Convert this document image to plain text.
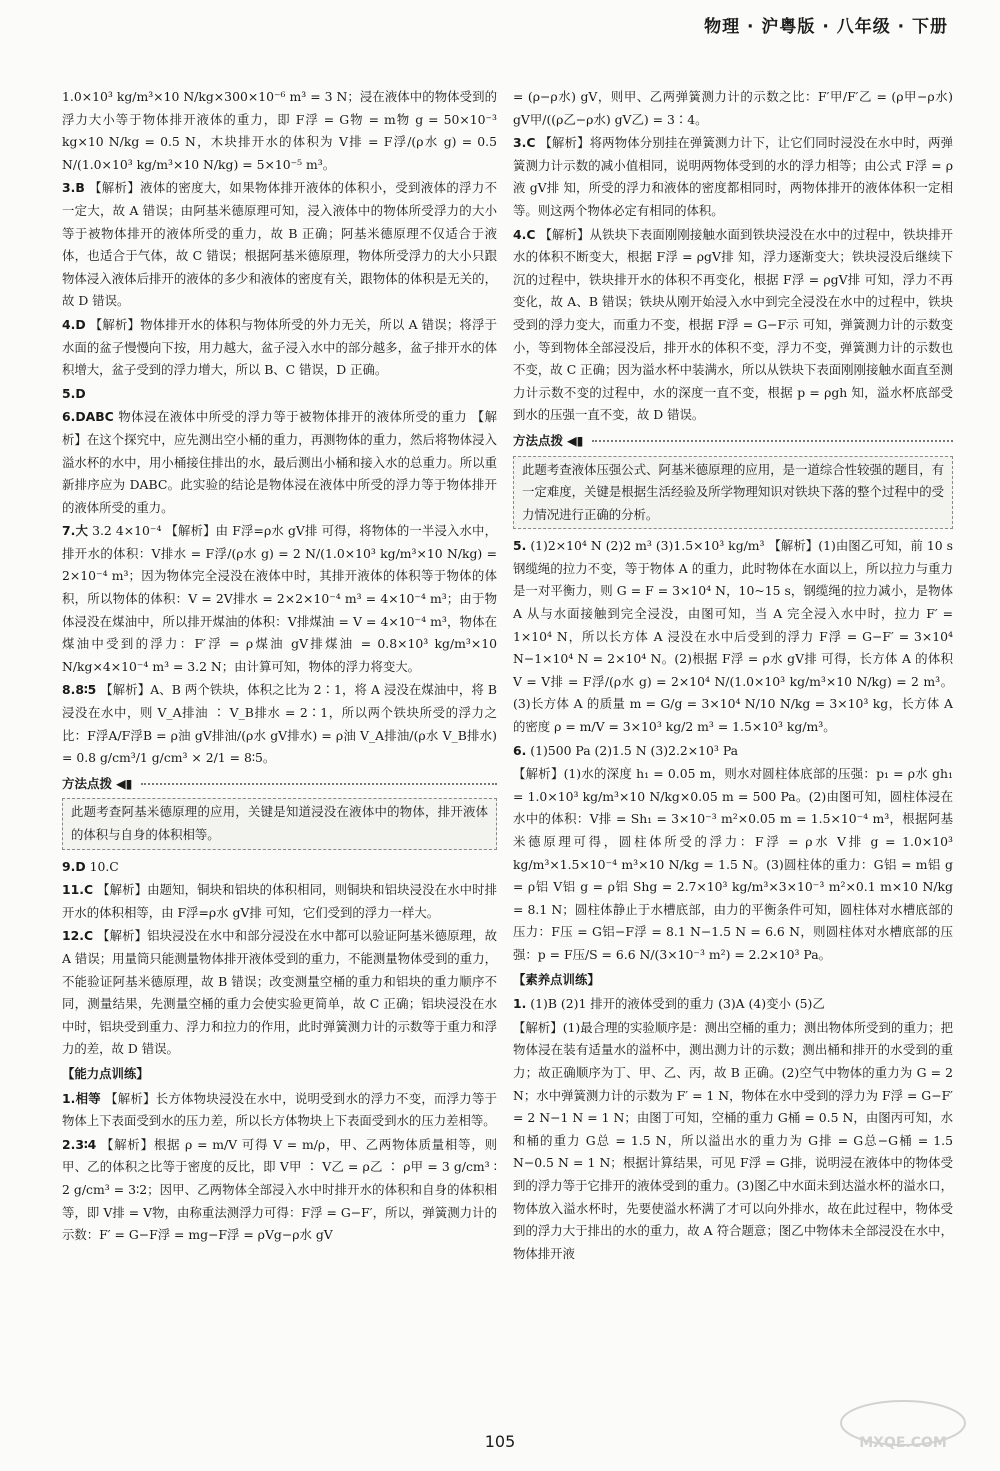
物理 · 沪粤版 · 八年级 · 下册

1.0×10³ kg/m³×10 N/kg×300×10⁻⁶ m³ = 3 N；浸在液体中的物体受到的浮力大小等于物体排开液体的重力，即 F浮 = G物 = m物 g = 50×10⁻³ kg×10 N/kg = 0.5 N，木块排开水的体积为 V排 = F浮/(ρ水 g) = 0.5 N/(1.0×10³ kg/m³×10 N/kg) = 5×10⁻⁵ m³。

3.B 【解析】液体的密度大，如果物体排开液体的体积小，受到液体的浮力不一定大，故 A 错误；由阿基米德原理可知，浸入液体中的物体所受浮力的大小等于被物体排开的液体所受的重力，故 B 正确；阿基米德原理不仅适合于液体，也适合于气体，故 C 错误；根据阿基米德原理，物体所受浮力的大小只跟物体浸入液体后排开的液体的多少和液体的密度有关，跟物体的体积是无关的，故 D 错误。

4.D 【解析】物体排开水的体积与物体所受的外力无关，所以 A 错误；将浮于水面的盆子慢慢向下按，用力越大，盆子浸入水中的部分越多，盆子排开水的体积增大，盆子受到的浮力增大，所以 B、C 错误，D 正确。

5.D

6.DABC 物体浸在液体中所受的浮力等于被物体排开的液体所受的重力 【解析】在这个探究中，应先测出空小桶的重力，再测物体的重力，然后将物体浸入溢水杯的水中，用小桶接住排出的水，最后测出小桶和接入水的总重力。所以重新排序应为 DABC。此实验的结论是物体浸在液体中所受的浮力等于物体排开的液体所受的重力。

7.大 3.2 4×10⁻⁴ 【解析】由 F浮=ρ水 gV排 可得，将物体的一半浸入水中，排开水的体积：V排水 = F浮/(ρ水 g) = 2 N/(1.0×10³ kg/m³×10 N/kg) = 2×10⁻⁴ m³；因为物体完全浸没在液体中时，其排开液体的体积等于物体的体积，所以物体的体积：V = 2V排水 = 2×2×10⁻⁴ m³ = 4×10⁻⁴ m³；由于物体浸没在煤油中，所以排开煤油的体积：V排煤油 = V = 4×10⁻⁴ m³，物体在煤油中受到的浮力：F′浮 = ρ煤油 gV排煤油 = 0.8×10³ kg/m³×10 N/kg×4×10⁻⁴ m³ = 3.2 N；由计算可知，物体的浮力将变大。

8.8∶5 【解析】A、B 两个铁块，体积之比为 2∶1，将 A 浸没在煤油中，将 B 浸没在水中，则 V_A排油 ∶ V_B排水 = 2∶1，所以两个铁块所受的浮力之比：F浮A/F浮B = ρ油 gV排油/(ρ水 gV排水) = ρ油 V_A排油/(ρ水 V_B排水) = 0.8 g/cm³/1 g/cm³ × 2/1 = 8∶5。

方法点拨 ◀▮
此题考查阿基米德原理的应用，关键是知道浸没在液体中的物体，排开液体的体积与自身的体积相等。

9.D 10.C

11.C 【解析】由题知，铜块和铝块的体积相同，则铜块和铝块浸没在水中时排开水的体积相等，由 F浮=ρ水 gV排 可知，它们受到的浮力一样大。

12.C 【解析】铝块浸没在水中和部分浸没在水中都可以验证阿基米德原理，故 A 错误；用量筒只能测量物体排开液体受到的重力，不能测量物体受到的重力，不能验证阿基米德原理，故 B 错误；改变测量空桶的重力和铝块的重力顺序不同，测量结果，先测量空桶的重力会使实验更简单，故 C 正确；铝块浸没在水中时，铝块受到重力、浮力和拉力的作用，此时弹簧测力计的示数等于重力和浮力的差，故 D 错误。

【能力点训练】

1.相等 【解析】长方体物块浸没在水中，说明受到水的浮力不变，而浮力等于物体上下表面受到水的压力差，所以长方体物块上下表面受到水的压力差相等。

2.3∶4 【解析】根据 ρ = m/V 可得 V = m/ρ，甲、乙两物体质量相等，则甲、乙的体积之比等于密度的反比，即 V甲 ∶ V乙 = ρ乙 ∶ ρ甲 = 3 g/cm³ ∶ 2 g/cm³ = 3∶2；因甲、乙两物体全部浸入水中时排开水的体积和自身的体积相等，即 V排 = V物，由称重法测浮力可得：F浮 = G−F′，所以，弹簧测力计的示数：F′ = G−F浮 = mg−F浮 = ρVg−ρ水 gV

= (ρ−ρ水) gV，则甲、乙两弹簧测力计的示数之比：F′甲/F′乙 = (ρ甲−ρ水) gV甲/((ρ乙−ρ水) gV乙) = 3∶4。

3.C 【解析】将两物体分别挂在弹簧测力计下，让它们同时浸没在水中时，两弹簧测力计示数的减小值相同，说明两物体受到的水的浮力相等；由公式 F浮 = ρ液 gV排 知，所受的浮力和液体的密度都相同时，两物体排开的液体体积一定相等。则这两个物体必定有相同的体积。

4.C 【解析】从铁块下表面刚刚接触水面到铁块浸没在水中的过程中，铁块排开水的体积不断变大，根据 F浮 = ρgV排 知，浮力逐渐变大；铁块浸没后继续下沉的过程中，铁块排开水的体积不再变化，根据 F浮 = ρgV排 可知，浮力不再变化，故 A、B 错误；铁块从刚开始浸入水中到完全浸没在水中的过程中，铁块受到的浮力变大，而重力不变，根据 F浮 = G−F示 可知，弹簧测力计的示数变小，等到物体全部浸没后，排开水的体积不变，浮力不变，弹簧测力计的示数也不变，故 C 正确；因为溢水杯中装满水，所以从铁块下表面刚刚接触水面直至测力计示数不变的过程中，水的深度一直不变，根据 p = ρgh 知，溢水杯底部受到水的压强一直不变，故 D 错误。

方法点拨 ◀▮
此题考查液体压强公式、阿基米德原理的应用，是一道综合性较强的题目，有一定难度，关键是根据生活经验及所学物理知识对铁块下落的整个过程中的受力情况进行正确的分析。

5. (1)2×10⁴ N (2)2 m³ (3)1.5×10³ kg/m³ 【解析】(1)由图乙可知，前 10 s 钢缆绳的拉力不变，等于物体 A 的重力，此时物体在水面以上，所以拉力与重力是一对平衡力，则 G = F = 3×10⁴ N，10~15 s，钢缆绳的拉力减小，是物体 A 从与水面接触到完全浸没，由图可知，当 A 完全浸入水中时，拉力 F′ = 1×10⁴ N，所以长方体 A 浸没在水中后受到的浮力 F浮 = G−F′ = 3×10⁴ N−1×10⁴ N = 2×10⁴ N。(2)根据 F浮 = ρ水 gV排 可得，长方体 A 的体积 V = V排 = F浮/(ρ水 g) = 2×10⁴ N/(1.0×10³ kg/m³×10 N/kg) = 2 m³。(3)长方体 A 的质量 m = G/g = 3×10⁴ N/10 N/kg = 3×10³ kg，长方体 A 的密度 ρ = m/V = 3×10³ kg/2 m³ = 1.5×10³ kg/m³。

6. (1)500 Pa (2)1.5 N (3)2.2×10³ Pa

【解析】(1)水的深度 h₁ = 0.05 m，则水对圆柱体底部的压强：p₁ = ρ水 gh₁ = 1.0×10³ kg/m³×10 N/kg×0.05 m = 500 Pa。(2)由图可知，圆柱体浸在水中的体积：V排 = Sh₁ = 3×10⁻³ m²×0.05 m = 1.5×10⁻⁴ m³，根据阿基米德原理可得，圆柱体所受的浮力：F浮 = ρ水 V排 g = 1.0×10³ kg/m³×1.5×10⁻⁴ m³×10 N/kg = 1.5 N。(3)圆柱体的重力：G铝 = m铝 g = ρ铝 V铝 g = ρ铝 Shg = 2.7×10³ kg/m³×3×10⁻³ m²×0.1 m×10 N/kg = 8.1 N；圆柱体静止于水槽底部，由力的平衡条件可知，圆柱体对水槽底部的压力：F压 = G铝−F浮 = 8.1 N−1.5 N = 6.6 N，则圆柱体对水槽底部的压强：p = F压/S = 6.6 N/(3×10⁻³ m²) = 2.2×10³ Pa。

【素养点训练】

1. (1)B (2)1 排开的液体受到的重力 (3)A (4)变小 (5)乙

【解析】(1)最合理的实验顺序是：测出空桶的重力；测出物体所受到的重力；把物体浸在装有适量水的溢杯中，测出测力计的示数；测出桶和排开的水受到的重力；故正确顺序为丁、甲、乙、丙，故 B 正确。(2)空气中物体的重力为 G = 2 N；水中弹簧测力计的示数为 F′ = 1 N，物体在水中受到的浮力为 F浮 = G−F′ = 2 N−1 N = 1 N；由图丁可知，空桶的重力 G桶 = 0.5 N，由图丙可知，水和桶的重力 G总 = 1.5 N，所以溢出水的重力为 G排 = G总−G桶 = 1.5 N−0.5 N = 1 N；根据计算结果，可见 F浮 = G排，说明浸在液体中的物体受到的浮力等于它排开的液体受到的重力。(3)图乙中水面未到达溢水杯的溢水口，物体放入溢水杯时，先要使溢水杯满了才可以向外排水，故在此过程中，物体受到的浮力大于排出的水的重力，故 A 符合题意；图乙中物体未全部浸没在水中，物体排开液

105	MXQE.COM
